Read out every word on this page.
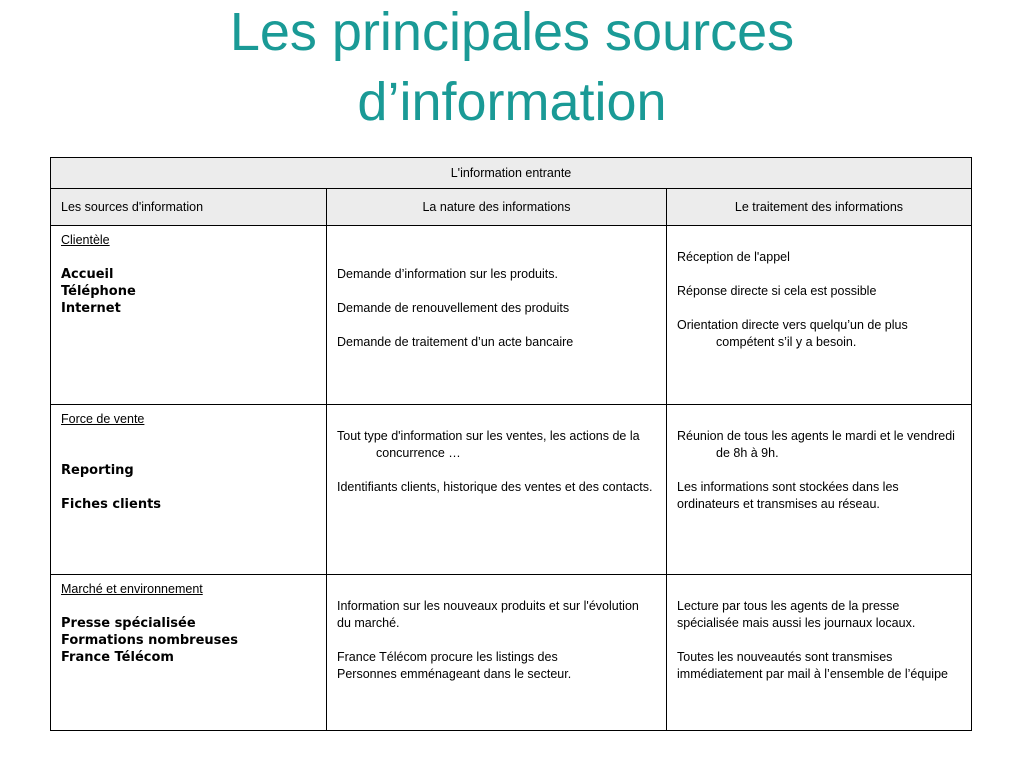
Les principales sources
d’information
L'information entrante
Les sources d'information	La nature des informations	Le traitement des informations

Clientèle

Accueil

Téléphone

Internet

Demande d’information sur les produits.

Demande de renouvellement des produits

Demande de traitement d’un acte bancaire

Réception de l'appel

Réponse directe si cela est possible

Orientation directe vers quelqu’un de plus compétent s’il y a besoin.

Force de vente

Reporting

Fiches clients

Tout type d'information sur les ventes, les actions de la concurrence …

Identifiants clients, historique des ventes et des contacts.

Réunion de tous les agents le mardi et le vendredi de 8h à 9h.

Les informations sont stockées dans les ordinateurs et transmises au réseau.

Marché et environnement

Presse spécialisée

Formations nombreuses

France Télécom

Information sur les nouveaux produits et sur l'évolution

du marché.

France Télécom procure les listings des

Personnes emménageant dans le secteur.

Lecture par tous les agents de la presse

spécialisée mais aussi les journaux locaux.

Toutes les nouveautés sont transmises

immédiatement par mail à l’ensemble de l’équipe
